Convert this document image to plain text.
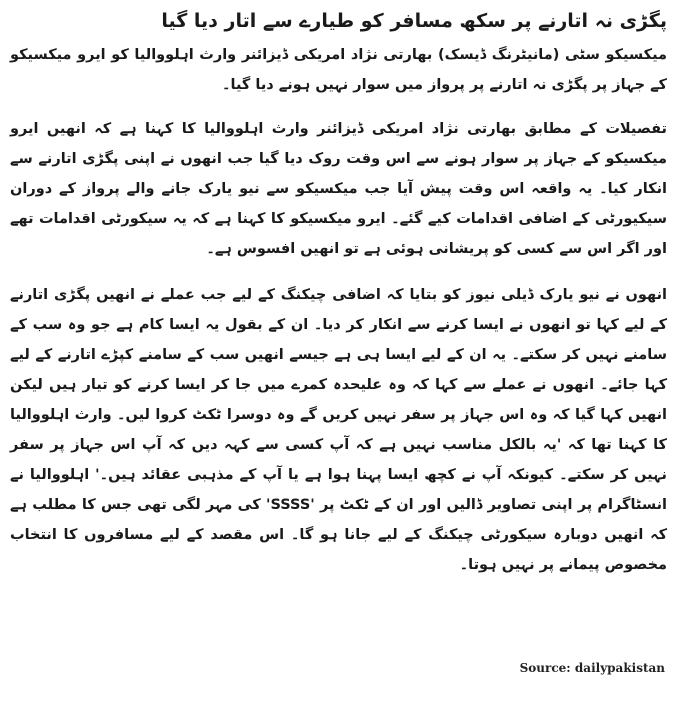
پگڑی نہ اتارنے پر سکھ مسافر کو طیارے سے اتار دیا گیا

میکسیکو سٹی (مانیٹرنگ ڈیسک) بھارتی نژاد امریکی ڈیزائنر وارث اہلووالیا کو ایرو میکسیکو کے جہاز پر پگڑی نہ اتارنے پر پرواز میں سوار نہیں ہونے دیا گیا۔

تفصیلات کے مطابق بھارتی نژاد امریکی ڈیزائنر وارث اہلووالیا کا کہنا ہے کہ انھیں ایرو میکسیکو کے جہاز پر سوار ہونے سے اس وقت روک دیا گیا جب انھوں نے اپنی پگڑی اتارنے سے انکار کیا۔ یہ واقعہ اس وقت پیش آیا جب میکسیکو سے نیو یارک جانے والے پرواز کے دوران سیکیورٹی کے اضافی اقدامات کیے گئے۔ ایرو میکسیکو کا کہنا ہے کہ یہ سیکورٹی اقدامات تھے اور اگر اس سے کسی کو پریشانی ہوئی ہے تو انھیں افسوس ہے۔

انھوں نے نیو یارک ڈیلی نیوز کو بتایا کہ اضافی چیکنگ کے لیے جب عملے نے انھیں پگڑی اتارنے کے لیے کہا تو انھوں نے ایسا کرنے سے انکار کر دیا۔ ان کے بقول یہ ایسا کام ہے جو وہ سب کے سامنے نہیں کر سکتے۔ یہ ان کے لیے ایسا ہی ہے جیسے انھیں سب کے سامنے کپڑے اتارنے کے لیے کہا جائے۔ انھوں نے عملے سے کہا کہ وہ علیحدہ کمرے میں جا کر ایسا کرنے کو تیار ہیں لیکن انھیں کہا گیا کہ وہ اس جہاز پر سفر نہیں کریں گے وہ دوسرا ٹکٹ کروا لیں۔ وارث اہلووالیا کا کہنا تھا کہ 'یہ بالکل مناسب نہیں ہے کہ آپ کسی سے کہہ دیں کہ آپ اس جہاز پر سفر نہیں کر سکتے۔ کیونکہ آپ نے کچھ ایسا پہنا ہوا ہے یا آپ کے مذہبی عقائد ہیں۔' اہلووالیا نے انسٹاگرام پر اپنی تصاویر ڈالیں اور ان کے ٹکٹ پر 'SSSS' کی مہر لگی تھی جس کا مطلب ہے کہ انھیں دوبارہ سیکورٹی چیکنگ کے لیے جانا ہو گا۔ اس مقصد کے لیے مسافروں کا انتخاب مخصوص پیمانے پر نہیں ہوتا۔

Source: dailypakistan
